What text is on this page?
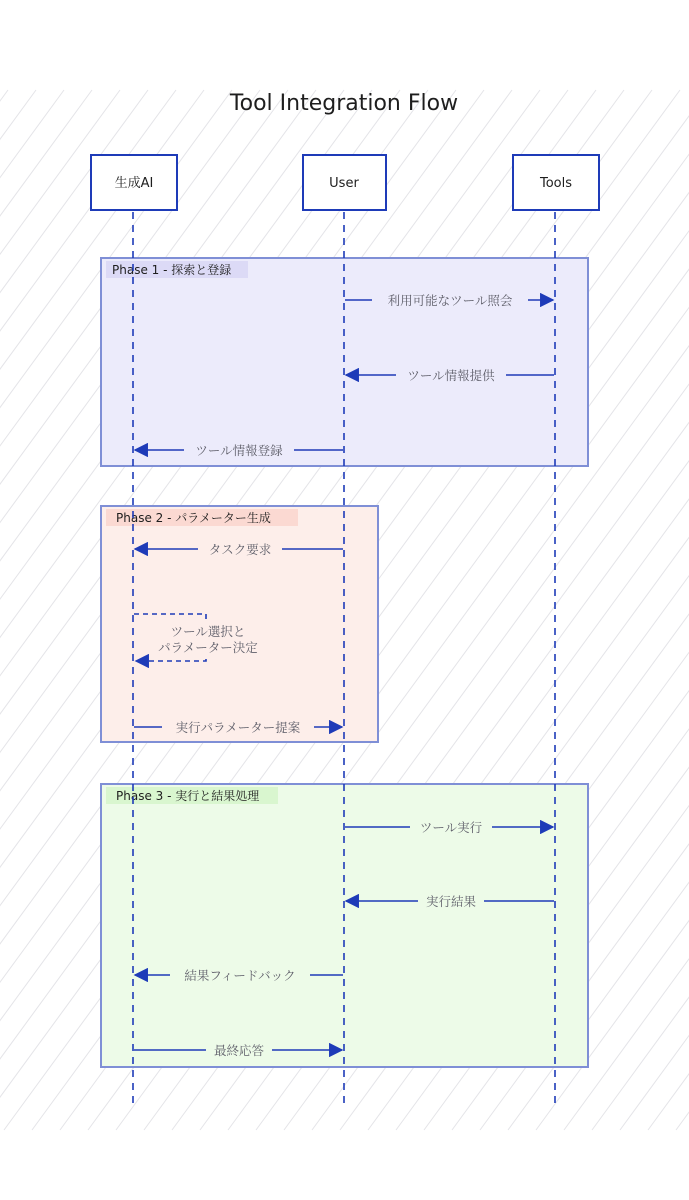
Tool Integration Flow
Phase 1 - 探索と登録
Phase 2 - パラメーター生成
Phase 3 - 実行と結果処理
生成AI	User	Tools
利用可能なツール照会
ツール情報提供
ツール情報登録
タスク要求
ツール選択と
パラメーター決定
実行パラメーター提案
ツール実行
実行結果
結果フィードバック
最終応答
